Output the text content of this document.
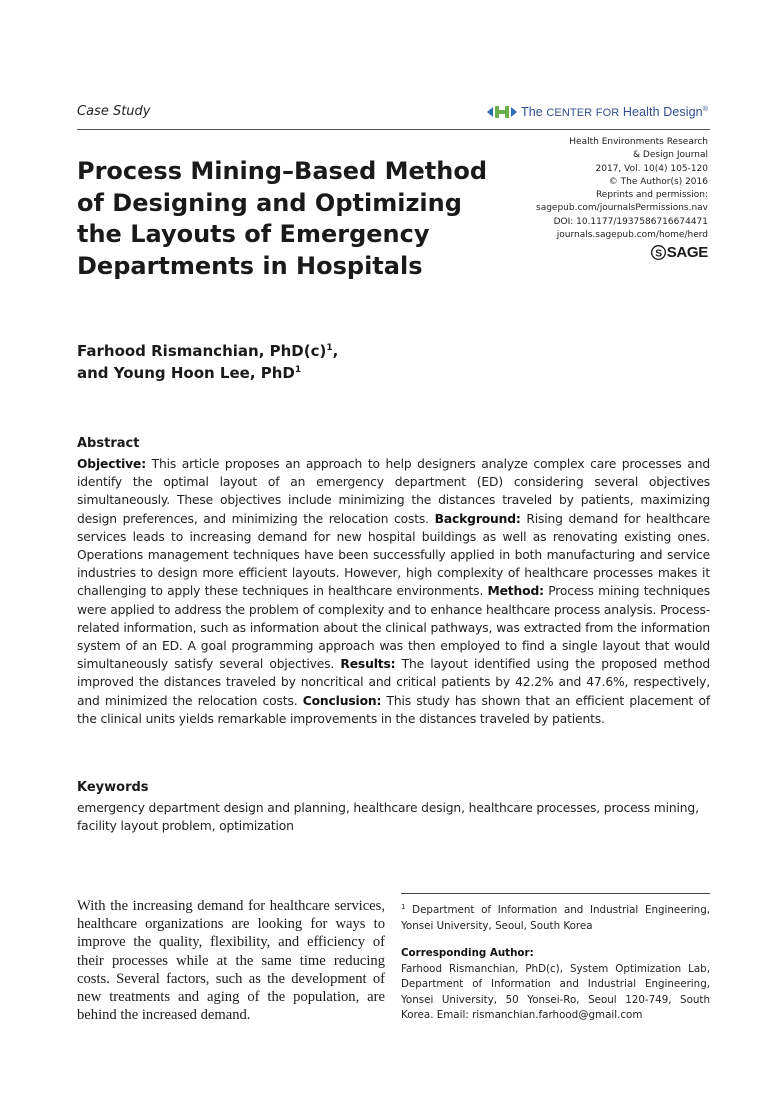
Case Study	The CENTER FOR Health Design®
Process Mining–Based Method of Designing and Optimizing the Layouts of Emergency Departments in Hospitals
Health Environments Research
& Design Journal
2017, Vol. 10(4) 105-120
© The Author(s) 2016
Reprints and permission:
sagepub.com/journalsPermissions.nav
DOI: 10.1177/1937586716674471
journals.sagepub.com/home/herd
S SAGE
Farhood Rismanchian, $PhD(c)^1$,
and Young Hoon Lee, PhD$^1$
Abstract

Objective: This article proposes an approach to help designers analyze complex care processes and identify the optimal layout of an emergency department (ED) considering several objectives simultaneously. These objectives include minimizing the distances traveled by patients, maximizing design preferences, and minimizing the relocation costs. Background: Rising demand for healthcare services leads to increasing demand for new hospital buildings as well as renovating existing ones. Operations management techniques have been successfully applied in both manufacturing and service industries to design more efficient layouts. However, high complexity of healthcare processes makes it challenging to apply these techniques in healthcare environments. Method: Process mining techniques were applied to address the problem of complexity and to enhance healthcare process analysis. Process-related information, such as information about the clinical pathways, was extracted from the information system of an ED. A goal programming approach was then employed to find a single layout that would simultaneously satisfy several objectives. Results: The layout identified using the proposed method improved the distances traveled by noncritical and critical patients by 42.2% and 47.6%, respectively, and minimized the relocation costs. Conclusion: This study has shown that an efficient placement of the clinical units yields remarkable improvements in the distances traveled by patients.

Keywords

emergency department design and planning, healthcare design, healthcare processes, process mining, facility layout problem, optimization

With the increasing demand for healthcare services, healthcare organizations are looking for ways to improve the quality, flexibility, and efficiency of their processes while at the same time reducing costs. Several factors, such as the development of new treatments and aging of the population, are behind the increased demand.

$^1$ Department of Information and Industrial Engineering, Yonsei University, Seoul, South Korea

Corresponding Author:

Farhood Rismanchian, PhD(c), System Optimization Lab, Department of Information and Industrial Engineering, Yonsei University, 50 Yonsei-Ro, Seoul 120-749, South Korea. Email: rismanchian.farhood@gmail.com
